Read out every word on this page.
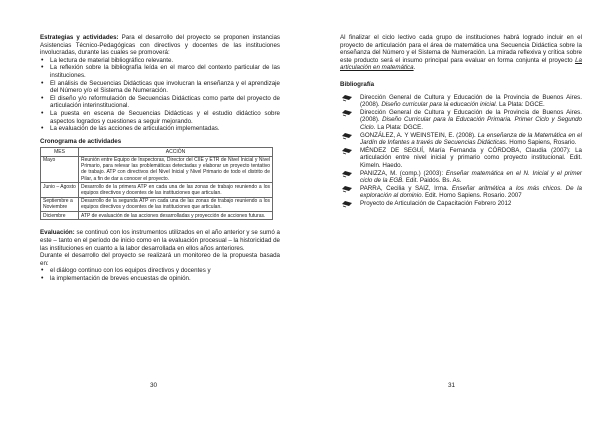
Estrategias y actividades: Para el desarrollo del proyecto se proponen instancias Asistencias Técnico-Pedagógicas con directivos y docentes de las instituciones involucradas, durante las cuales se promoverá:

• La lectura de material bibliográfico relevante.
• La reflexión sobre la bibliografía leída en el marco del contexto particular de las instituciones.
• El análisis de Secuencias Didácticas que involucran la enseñanza y el aprendizaje del Número y/o el Sistema de Numeración.
• El diseño y/o reformulación de Secuencias Didácticas como parte del proyecto de articulación interinstitucional.
• La puesta en escena de Secuencias Didácticas y el estudio didáctico sobre aspectos logrados y cuestiones a seguir mejorando.
• La evaluación de las acciones de articulación implementadas.

Cronograma de actividades

MES	ACCIÓN
Mayo	Reunión entre Equipo de Inspectoras, Director del CIIE y ETR de Nivel Inicial y Nivel Primario, para relevar las problemáticas detectadas y elaborar un proyecto tentativo de trabajo. ATP con directivos del Nivel Inicial y Nivel Primario de todo el distrito de Pilar, a fin de dar a conocer el proyecto.
Junio – Agosto	Desarrollo de la primera ATP en cada una de las zonas de trabajo reuniendo a los equipos directivos y docentes de las instituciones que articulan.
Septiembre a Noviembre	Desarrollo de la segunda ATP en cada una de las zonas de trabajo reuniendo a los equipos directivos y docentes de las instituciones que articulan.
Diciembre	ATP de evaluación de las acciones desarrolladas y proyección de acciones futuras.

Evaluación: se continuó con los instrumentos utilizados en el año anterior y se sumó a este – tanto en el período de inicio como en la evaluación procesual – la historicidad de las instituciones en cuanto a la labor desarrollada en ellos años anteriores.

Durante el desarrollo del proyecto se realizará un monitoreo de la propuesta basada en:

• el diálogo continuo con los equipos directivos y docentes y
• la implementación de breves encuestas de opinión.

Al finalizar el ciclo lectivo cada grupo de instituciones habrá logrado incluir en el proyecto de articulación para el área de matemática una Secuencia Didáctica sobre la enseñanza del Número y el Sistema de Numeración. La mirada reflexiva y crítica sobre este producto será el insumo principal para evaluar en forma conjunta el proyecto La articulación en matemática.

Bibliografía

Dirección General de Cultura y Educación de la Provincia de Buenos Aires. (2008). Diseño curricular para la educación inicial. La Plata: DGCE.
Dirección General de Cultura y Educación de la Provincia de Buenos Aires. (2008). Diseño Curricular para la Educación Primaria. Primer Ciclo y Segundo Ciclo. La Plata: DGCE.
GONZÁLEZ, A. Y WEINSTEIN, E. (2008). La enseñanza de la Matemática en el Jardín de Infantes a través de Secuencias Didácticas. Homo Sapiens, Rosario.
MÉNDEZ DE SEGUÍ, María Fernanda y CÓRDOBA, Claudia (2007): La articulación entre nivel inicial y primario como proyecto institucional. Edit. Kimeln. Haedo.
PANIZZA, M. (comp.) (2003): Enseñar matemática en el N. Inicial y el primer ciclo de la EGB. Edit. Paidós. Bs. As.
PARRA, Cecilia y SAIZ, Irma. Enseñar aritmética a los más chicos. De la exploración al dominio. Edit. Homo Sapiens. Rosario. 2007
Proyecto de Articulación de Capacitación Febrero 2012
30	31
